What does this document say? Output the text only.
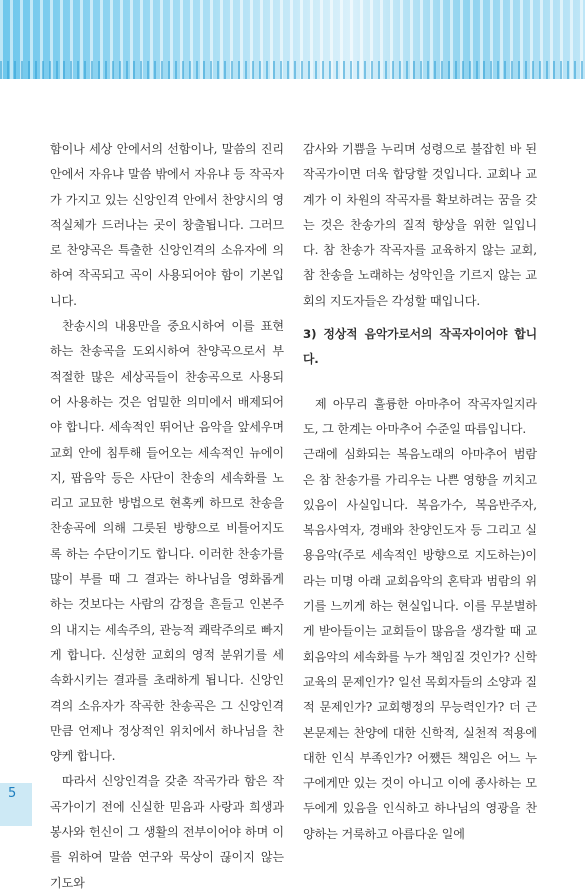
함이나 세상 안에서의 선함이나, 말씀의 진리 안에서 자유냐 말씀 밖에서 자유냐 등 작곡자가 가지고 있는 신앙인격 안에서 찬양시의 영적실체가 드러나는 곳이 창출됩니다. 그러므로 찬양곡은 특출한 신앙인격의 소유자에 의하여 작곡되고 곡이 사용되어야 함이 기본입니다.

찬송시의 내용만을 중요시하여 이를 표현하는 찬송곡을 도외시하여 찬양곡으로서 부적절한 많은 세상곡들이 찬송곡으로 사용되어 사용하는 것은 엄밀한 의미에서 배제되어야 합니다. 세속적인 뛰어난 음악을 앞세우며 교회 안에 침투해 들어오는 세속적인 뉴에이지, 팝음악 등은 사단이 찬송의 세속화를 노리고 교묘한 방법으로 현혹케 하므로 찬송을 찬송곡에 의해 그릇된 방향으로 비틀어지도록 하는 수단이기도 합니다. 이러한 찬송가를 많이 부를 때 그 결과는 하나님을 영화롭게 하는 것보다는 사람의 감정을 흔들고 인본주의 내지는 세속주의, 관능적 쾌락주의로 빠지게 합니다. 신성한 교회의 영적 분위기를 세속화시키는 결과를 초래하게 됩니다. 신앙인격의 소유자가 작곡한 찬송곡은 그 신앙인격 만큼 언제나 정상적인 위치에서 하나님을 찬양케 합니다.

따라서 신앙인격을 갖춘 작곡가라 함은 작곡가이기 전에 신실한 믿음과 사랑과 희생과 봉사와 헌신이 그 생활의 전부이어야 하며 이를 위하여 말씀 연구와 묵상이 끊이지 않는 기도와

감사와 기쁨을 누리며 성령으로 불잡힌 바 된 작곡가이면 더욱 합당할 것입니다. 교회나 교계가 이 차원의 작곡자를 확보하려는 꿈을 갖는 것은 찬송가의 질적 향상을 위한 일입니다. 참 찬송가 작곡자를 교육하지 않는 교회, 참 찬송을 노래하는 성악인을 기르지 않는 교회의 지도자들은 각성할 때입니다.

3) 정상적 음악가로서의 작곡자이어야 합니다.

제 아무리 훌륭한 아마추어 작곡자일지라도, 그 한계는 아마추어 수준일 따름입니다.

근래에 심화되는 복음노래의 아마추어 범람은 참 찬송가를 가리우는 나쁜 영향을 끼치고 있음이 사실입니다. 복음가수, 복음반주자, 복음사역자, 경배와 찬양인도자 등 그리고 실용음악(주로 세속적인 방향으로 지도하는)이라는 미명 아래 교회음악의 혼탁과 범람의 위기를 느끼게 하는 현실입니다. 이를 무분별하게 받아들이는 교회들이 많음을 생각할 때 교회음악의 세속화를 누가 책임질 것인가? 신학교육의 문제인가? 일선 목회자들의 소양과 질적 문제인가? 교회행정의 무능력인가? 더 근본문제는 찬양에 대한 신학적, 실천적 적용에 대한 인식 부족인가? 어쨌든 책임은 어느 누구에게만 있는 것이 아니고 이에 종사하는 모두에게 있음을 인식하고 하나님의 영광을 찬양하는 거룩하고 아름다운 일에

5
